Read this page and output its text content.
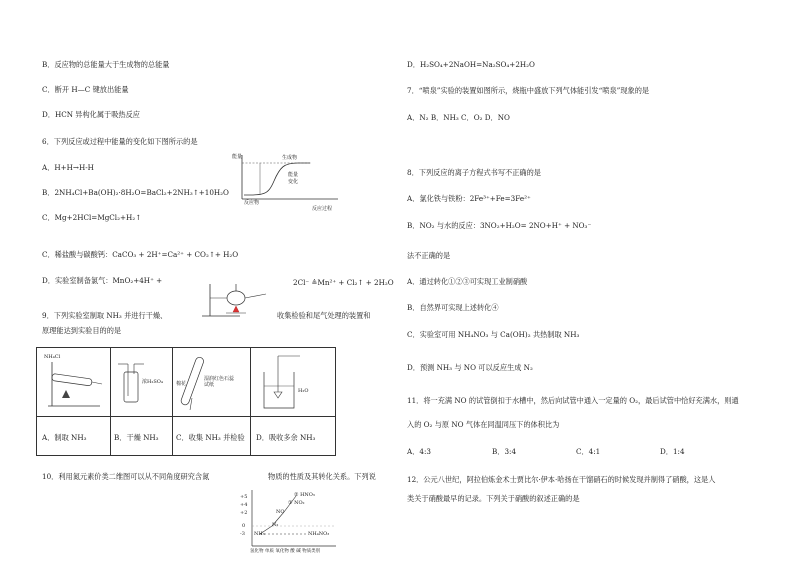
B．反应物的总能量大于生成物的总能量
C．断开 H—C 键放出能量
D．HCN 异构化属于吸热反应
6．下列反应或过程中能量的变化如下图所示的是
A．H+H→H-H
B．2NH₄Cl+Ba(OH)₂·8H₂O=BaCl₂+2NH₃↑+10H₂O
C．Mg+2HCl=MgCl₂+H₂↑
C．稀盐酸与碳酸钙：CaCO₃ + 2H⁺=Ca²⁺ + CO₂↑+ H₂O
D．实验室制备氯气：MnO₂+4H⁺ +	2Cl⁻ ≜Mn²⁺ + Cl₂↑ + 2H₂O
9．下列实验室制取 NH₃ 并进行干燥、	收集检验和尾气处理的装置和
原理能达到实验目的的是
能量	生成物
能量变化
反应物
反应过程
NH₄Cl
浓H₂SO₄	棉花
湿润红色石蕊试纸
H₂O
A．制取 NH₃	B．干燥 NH₃ C．收集 NH₃ 并检验 D．吸收多余 NH₃
10．利用氮元素价类二维图可以从不同角度研究含氮	物质的性质及其转化关系。下列说
+5
+4
+2
0
-3
② HNO₃
① NO₂
NO
N₂
NH₃	NH₄NO₃
氢化物 单质 氧化物 酸 碱 物质类别
D．H₂SO₄+2NaOH=Na₂SO₄+2H₂O
7．“喷泉”实验的装置如图所示，烧瓶中盛放下列气体能引发“喷泉”现象的是
A．N₂ B．NH₃ C．O₂ D．NO
8．下列反应的离子方程式书写不正确的是
A．氯化铁与铁粉：2Fe³⁺+Fe=3Fe²⁺
B．NO₂ 与水的反应：3NO₂+H₂O= 2NO+H⁺ + NO₃⁻
法不正确的是
A．通过转化①②③可实现工业制硝酸
B．自然界可实现上述转化④
C．实验室可用 NH₄NO₃ 与 Ca(OH)₂ 共热制取 NH₃
D．预测 NH₃ 与 NO 可以反应生成 N₂
11．将一充满 NO 的试管倒扣于水槽中，然后向试管中通入一定量的 O₂，最后试管中恰好充满水，则通
入的 O₂ 与原 NO 气体在同温同压下的体积比为
A．4:3	B．3:4	C．4:1	D．1:4
12．公元八世纪，阿拉伯炼金术士贾比尔·伊本·哈扬在干馏硝石的时候发现并制得了硝酸，这是人
类关于硝酸最早的记录。下列关于硝酸的叙述正确的是
